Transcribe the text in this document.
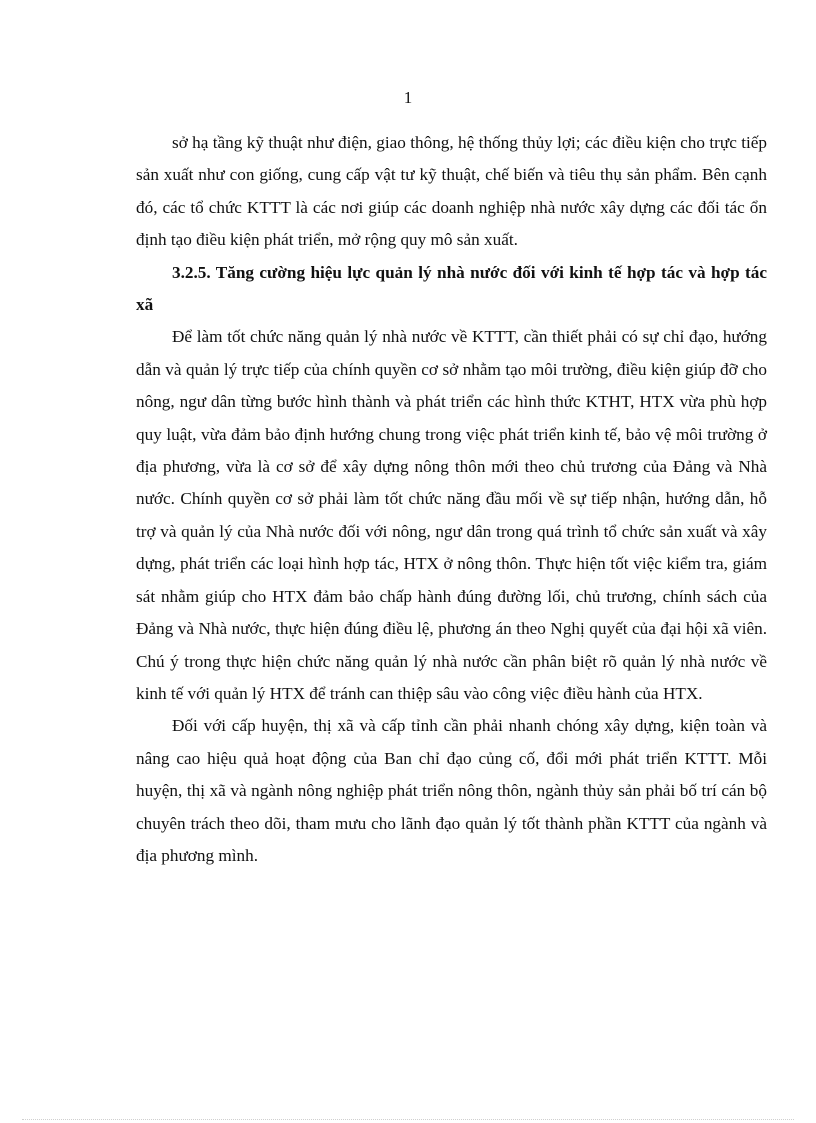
1

sở hạ tầng kỹ thuật như điện, giao thông, hệ thống thủy lợi; các điều kiện cho trực tiếp sản xuất như con giống, cung cấp vật tư kỹ thuật, chế biến và tiêu thụ sản phẩm. Bên cạnh đó, các tổ chức KTTT là các nơi giúp các doanh nghiệp nhà nước xây dựng các đối tác ổn định tạo điều kiện phát triển, mở rộng quy mô sản xuất.

3.2.5. Tăng cường hiệu lực quản lý nhà nước đối với kinh tế hợp tác và hợp tác xã

Để làm tốt chức năng quản lý nhà nước về KTTT, cần thiết phải có sự chỉ đạo, hướng dẫn và quản lý trực tiếp của chính quyền cơ sở nhằm tạo môi trường, điều kiện giúp đỡ cho nông, ngư dân từng bước hình thành và phát triển các hình thức KTHT, HTX vừa phù hợp quy luật, vừa đảm bảo định hướng chung trong việc phát triển kinh tế, bảo vệ môi trường ở địa phương, vừa là cơ sở để xây dựng nông thôn mới theo chủ trương của Đảng và Nhà nước. Chính quyền cơ sở phải làm tốt chức năng đầu mối về sự tiếp nhận, hướng dẫn, hỗ trợ và quản lý của Nhà nước đối với nông, ngư dân trong quá trình tổ chức sản xuất và xây dựng, phát triển các loại hình hợp tác, HTX ở nông thôn. Thực hiện tốt việc kiểm tra, giám sát nhằm giúp cho HTX đảm bảo chấp hành đúng đường lối, chủ trương, chính sách của Đảng và Nhà nước, thực hiện đúng điều lệ, phương án theo Nghị quyết của đại hội xã viên. Chú ý trong thực hiện chức năng quản lý nhà nước cần phân biệt rõ quản lý nhà nước về kinh tế với quản lý HTX để tránh can thiệp sâu vào công việc điều hành của HTX.

Đối với cấp huyện, thị xã và cấp tỉnh cần phải nhanh chóng xây dựng, kiện toàn và nâng cao hiệu quả hoạt động của Ban chỉ đạo củng cố, đổi mới phát triển KTTT. Mỗi huyện, thị xã và ngành nông nghiệp phát triển nông thôn, ngành thủy sản phải bố trí cán bộ chuyên trách theo dõi, tham mưu cho lãnh đạo quản lý tốt thành phần KTTT của ngành và địa phương mình.
